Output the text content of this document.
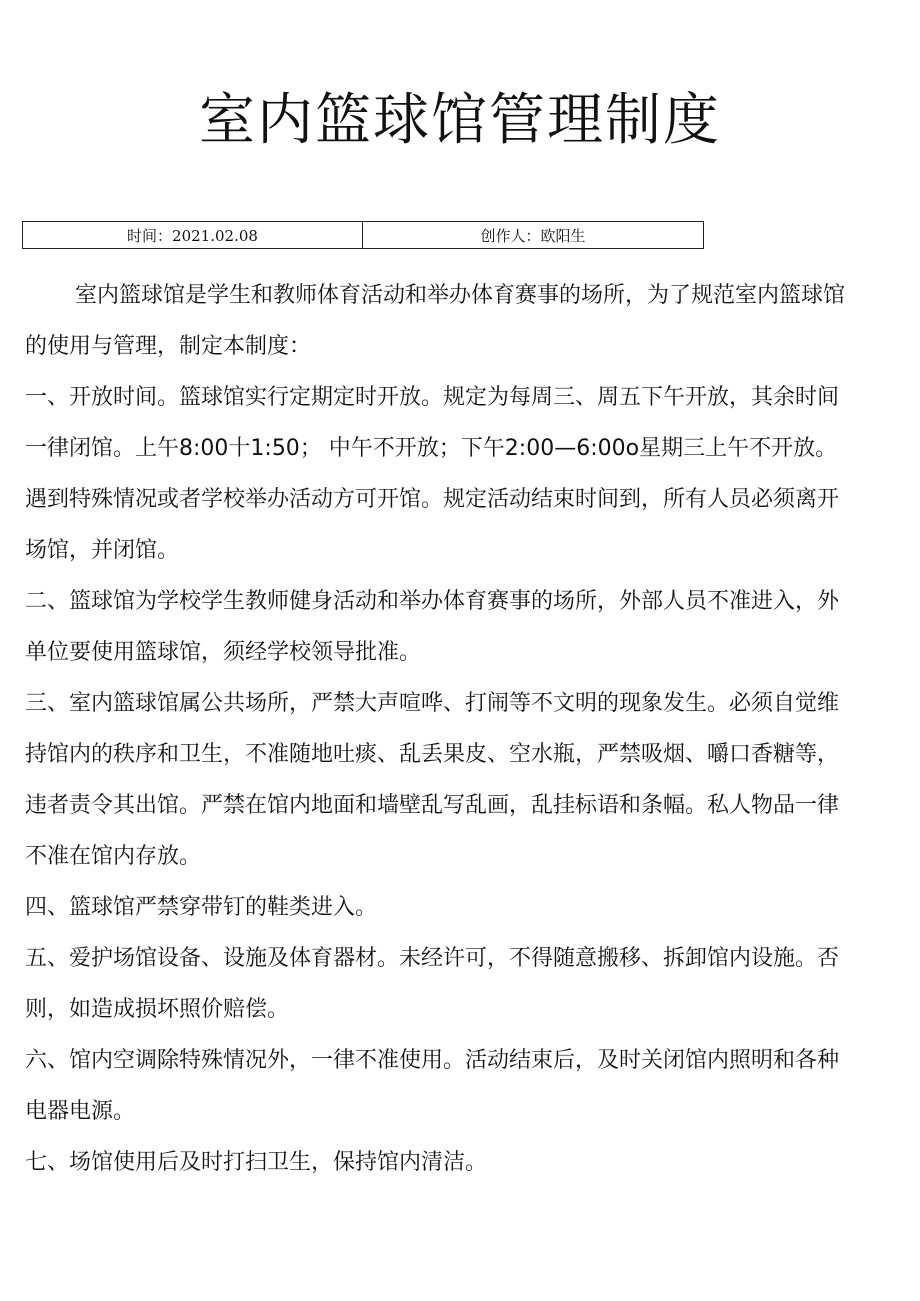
室内篮球馆管理制度
时间：2021.02.08	创作人：欧阳生

室内篮球馆是学生和教师体育活动和举办体育赛事的场所，为了规范室内篮球馆的使用与管理，制定本制度：

一、开放时间。篮球馆实行定期定时开放。规定为每周三、周五下午开放，其余时间一律闭馆。上午8:00十1:50； 中午不开放；下午2:00—6:00o星期三上午不开放。遇到特殊情况或者学校举办活动方可开馆。规定活动结束时间到，所有人员必须离开场馆，并闭馆。

二、篮球馆为学校学生教师健身活动和举办体育赛事的场所，外部人员不准进入，外单位要使用篮球馆，须经学校领导批准。

三、室内篮球馆属公共场所，严禁大声喧哗、打闹等不文明的现象发生。必须自觉维持馆内的秩序和卫生，不准随地吐痰、乱丢果皮、空水瓶，严禁吸烟、嚼口香糖等，违者责令其出馆。严禁在馆内地面和墙壁乱写乱画，乱挂标语和条幅。私人物品一律不准在馆内存放。

四、篮球馆严禁穿带钉的鞋类进入。

五、爱护场馆设备、设施及体育器材。未经许可，不得随意搬移、拆卸馆内设施。否则，如造成损坏照价赔偿。

六、馆内空调除特殊情况外，一律不准使用。活动结束后，及时关闭馆内照明和各种电器电源。

七、场馆使用后及时打扫卫生，保持馆内清洁。
